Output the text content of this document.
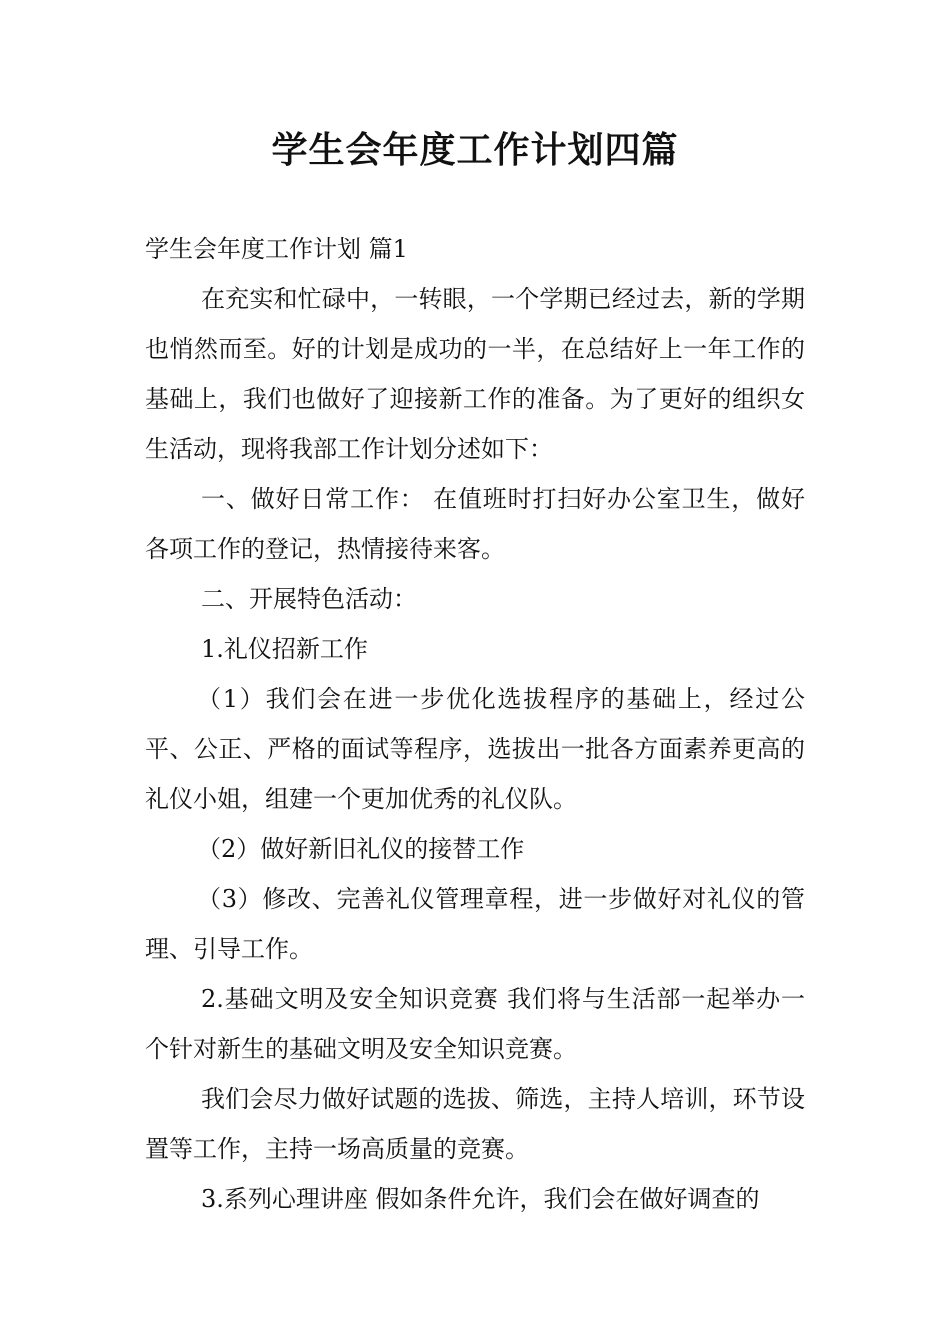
学生会年度工作计划四篇

学生会年度工作计划 篇1

在充实和忙碌中，一转眼，一个学期已经过去，新的学期也悄然而至。好的计划是成功的一半，在总结好上一年工作的基础上，我们也做好了迎接新工作的准备。为了更好的组织女生活动，现将我部工作计划分述如下：

一、做好日常工作： 在值班时打扫好办公室卫生，做好各项工作的登记，热情接待来客。

二、开展特色活动：

1.礼仪招新工作

（1）我们会在进一步优化选拔程序的基础上，经过公平、公正、严格的面试等程序，选拔出一批各方面素养更高的礼仪小姐，组建一个更加优秀的礼仪队。

（2）做好新旧礼仪的接替工作

（3）修改、完善礼仪管理章程，进一步做好对礼仪的管理、引导工作。

2.基础文明及安全知识竞赛 我们将与生活部一起举办一个针对新生的基础文明及安全知识竞赛。

我们会尽力做好试题的选拔、筛选，主持人培训，环节设置等工作，主持一场高质量的竞赛。

3.系列心理讲座 假如条件允许，我们会在做好调查的
